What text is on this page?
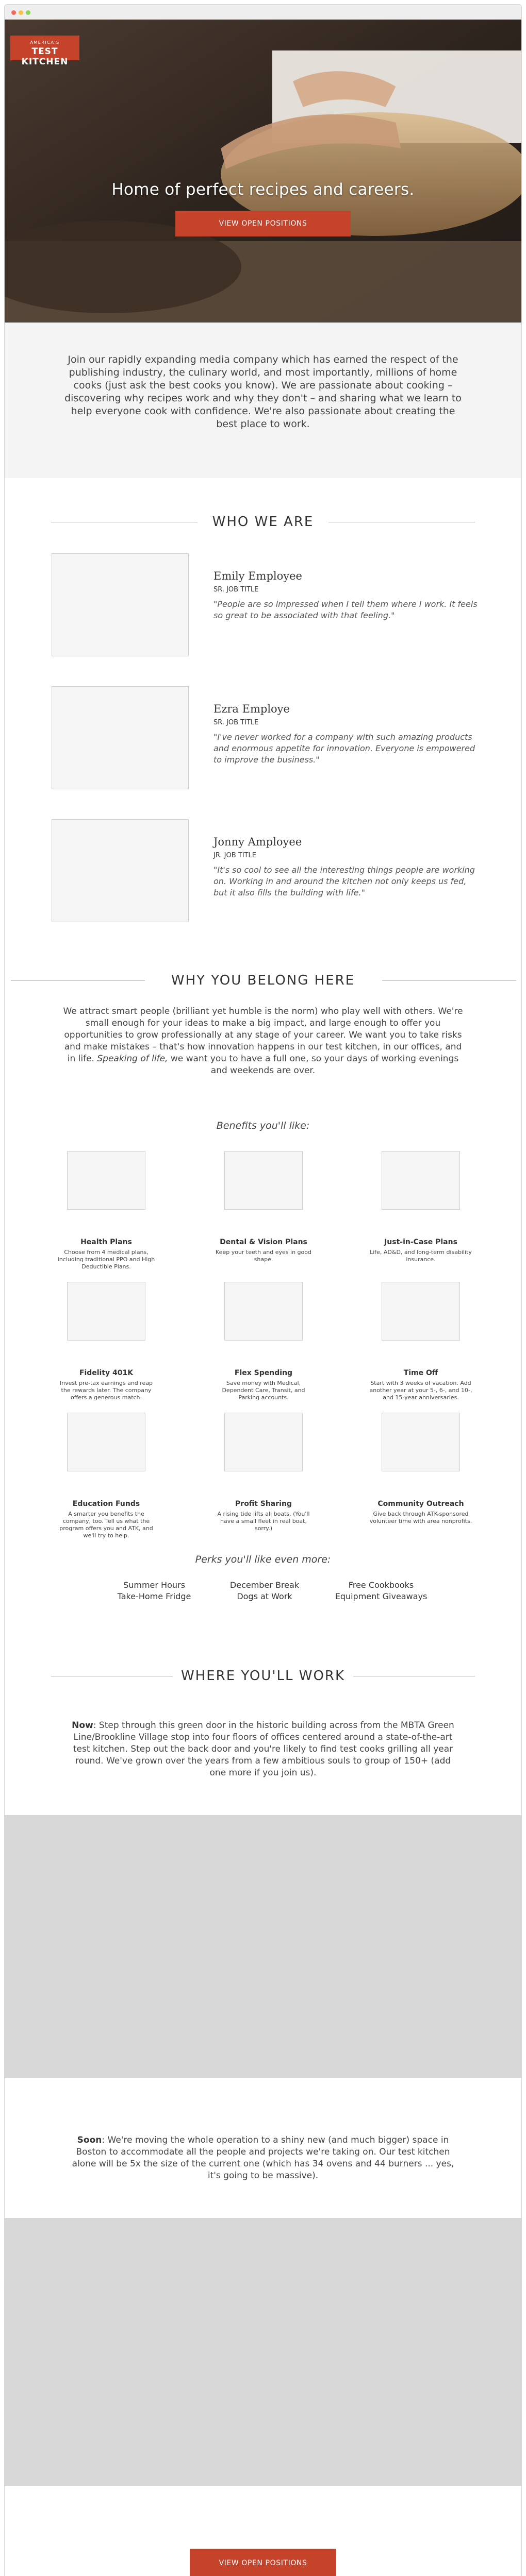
AMERICA'S
TEST KITCHEN
Home of perfect recipes and careers.
VIEW OPEN POSITIONS

Join our rapidly expanding media company which has earned the respect of the publishing industry, the culinary world, and most importantly, millions of home cooks (just ask the best cooks you know). We are passionate about cooking – discovering why recipes work and why they don't – and sharing what we learn to help everyone cook with confidence. We're also passionate about creating the best place to work.

WHO WE ARE
Emily Employee
SR. JOB TITLE
"People are so impressed when I tell them where I work. It feels so great to be associated with that feeling."
Ezra Employe
SR. JOB TITLE
"I've never worked for a company with such amazing products and enormous appetite for innovation. Everyone is empowered to improve the business."
Jonny Amployee
JR. JOB TITLE
"It's so cool to see all the interesting things people are working on. Working in and around the kitchen not only keeps us fed, but it also fills the building with life."
WHY YOU BELONG HERE

We attract smart people (brilliant yet humble is the norm) who play well with others. We're small enough for your ideas to make a big impact, and large enough to offer you opportunities to grow professionally at any stage of your career. We want you to take risks and make mistakes – that's how innovation happens in our test kitchen, in our offices, and in life. Speaking of life, we want you to have a full one, so your days of working evenings and weekends are over.

Benefits you'll like:
Health Plans
Choose from 4 medical plans, including traditional PPO and High Deductible Plans.
Dental & Vision Plans
Keep your teeth and eyes in good shape.
Just-in-Case Plans
Life, AD&D, and long-term disability insurance.
Fidelity 401K
Invest pre-tax earnings and reap the rewards later. The company offers a generous match.
Flex Spending
Save money with Medical, Dependent Care, Transit, and Parking accounts.
Time Off
Start with 3 weeks of vacation. Add another year at your 5-, 6-, and 10-, and 15-year anniversaries.
Education Funds
A smarter you benefits the company, too. Tell us what the program offers you and ATK, and we'll try to help.
Profit Sharing
A rising tide lifts all boats. (You'll have a small fleet in real boat, sorry.)
Community Outreach
Give back through ATK-sponsored volunteer time with area nonprofits.
Perks you'll like even more:
Summer Hours
Take-Home Fridge
December Break
Dogs at Work
Free Cookbooks
Equipment Giveaways
WHERE YOU'LL WORK

Now: Step through this green door in the historic building across from the MBTA Green Line/Brookline Village stop into four floors of offices centered around a state-of-the-art test kitchen. Step out the back door and you're likely to find test cooks grilling all year round. We've grown over the years from a few ambitious souls to group of 150+ (add one more if you join us).

Soon: We're moving the whole operation to a shiny new (and much bigger) space in Boston to accommodate all the people and projects we're taking on. Our test kitchen alone will be 5x the size of the current one (which has 34 ovens and 44 burners ... yes, it's going to be massive).

VIEW OPEN POSITIONS
